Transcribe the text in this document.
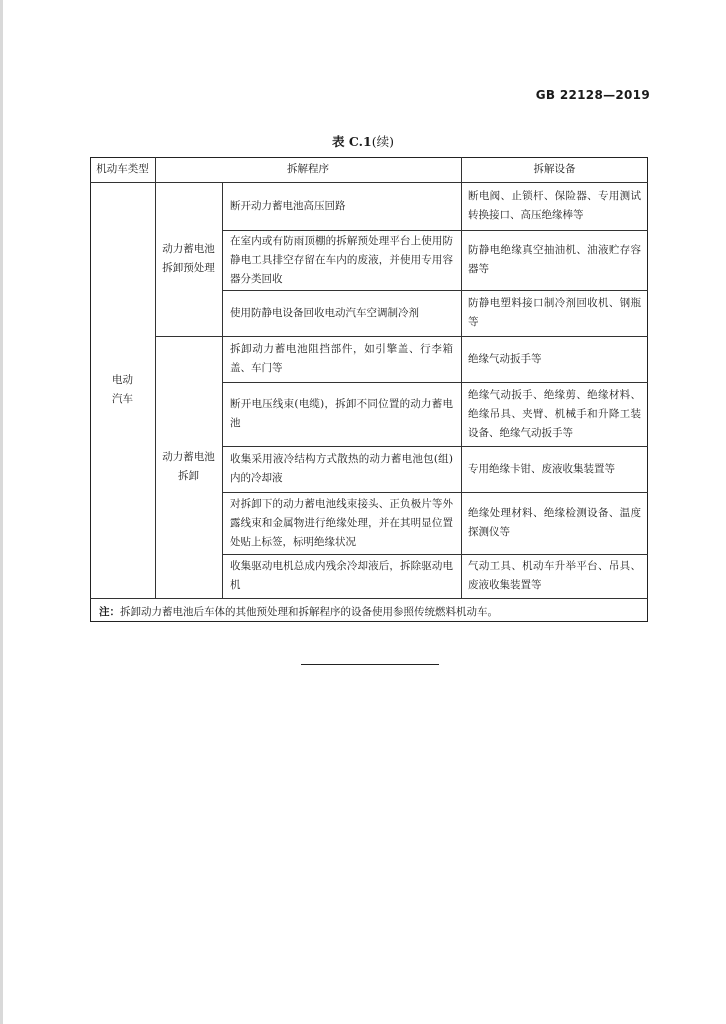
GB 22128—2019
表 C.1(续)
机动车类型	拆解程序	拆解设备
电动
汽车
动力蓄电池
拆卸预处理
动力蓄电池
拆卸
断开动力蓄电池高压回路
断电阀、止锁杆、保险器、专用测试转换接口、高压绝缘棒等
在室内或有防雨顶棚的拆解预处理平台上使用防静电工具排空存留在车内的废液，并使用专用容器分类回收
防静电绝缘真空抽油机、油液贮存容器等
使用防静电设备回收电动汽车空调制冷剂
防静电塑料接口制冷剂回收机、钢瓶等
拆卸动力蓄电池阻挡部件，如引擎盖、行李箱盖、车门等
绝缘气动扳手等
断开电压线束(电缆)，拆卸不同位置的动力蓄电池
绝缘气动扳手、绝缘剪、绝缘材料、绝缘吊具、夹臂、机械手和升降工装设备、绝缘气动扳手等
收集采用液冷结构方式散热的动力蓄电池包(组)内的冷却液
专用绝缘卡钳、废液收集装置等
对拆卸下的动力蓄电池线束接头、正负极片等外露线束和金属物进行绝缘处理，并在其明显位置处贴上标签，标明绝缘状况
绝缘处理材料、绝缘检测设备、温度探测仪等
收集驱动电机总成内残余冷却液后，拆除驱动电机
气动工具、机动车升举平台、吊具、废液收集装置等
注：拆卸动力蓄电池后车体的其他预处理和拆解程序的设备使用参照传统燃料机动车。
